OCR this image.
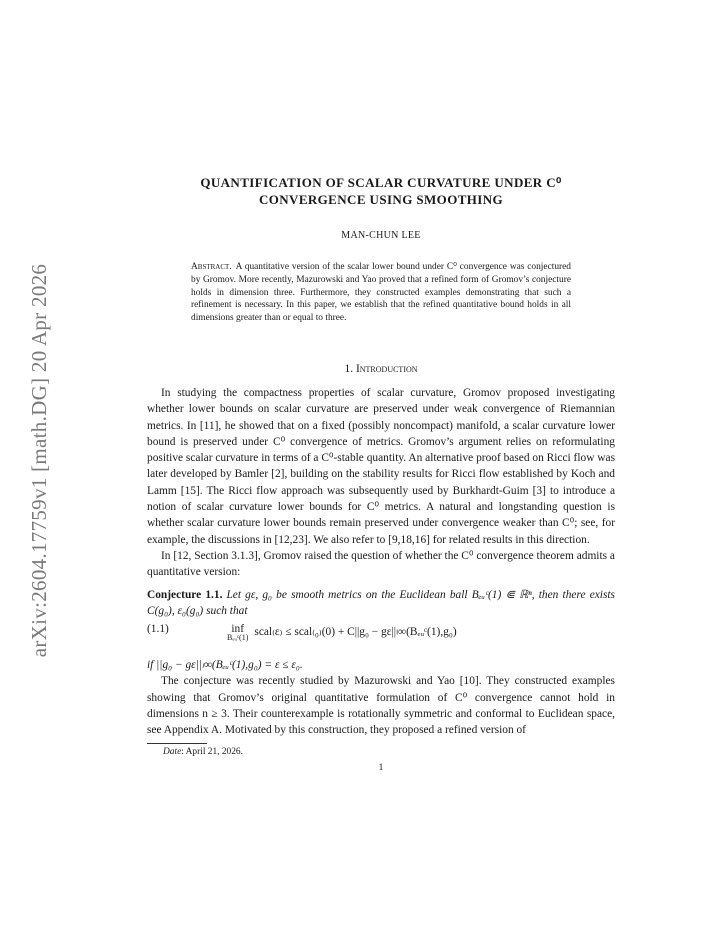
arXiv:2604.17759v1 [math.DG] 20 Apr 2026
QUANTIFICATION OF SCALAR CURVATURE UNDER C⁰
CONVERGENCE USING SMOOTHING
MAN-CHUN LEE
Abstract. A quantitative version of the scalar lower bound under C⁰ convergence was conjectured by Gromov. More recently, Mazurowski and Yao proved that a refined form of Gromov’s conjecture holds in dimension three. Furthermore, they constructed examples demonstrating that such a refinement is necessary. In this paper, we establish that the refined quantitative bound holds in all dimensions greater than or equal to three.
1. Introduction

In studying the compactness properties of scalar curvature, Gromov proposed investigating whether lower bounds on scalar curvature are preserved under weak convergence of Riemannian metrics. In [11], he showed that on a fixed (possibly noncompact) manifold, a scalar curvature lower bound is preserved under C⁰ convergence of metrics. Gromov’s argument relies on reformulating positive scalar curvature in terms of a C⁰-stable quantity. An alternative proof based on Ricci flow was later developed by Bamler [2], building on the stability results for Ricci flow established by Koch and Lamm [15]. The Ricci flow approach was subsequently used by Burkhardt-Guim [3] to introduce a notion of scalar curvature lower bounds for C⁰ metrics. A natural and longstanding question is whether scalar curvature lower bounds remain preserved under convergence weaker than C⁰; see, for example, the discussions in [12,23]. We also refer to [9,18,16] for related results in this direction.

In [12, Section 3.1.3], Gromov raised the question of whether the C⁰ convergence theorem admits a quantitative version:

Conjecture 1.1. Let gε, g₀ be smooth metrics on the Euclidean ball Bₑᵤᶜ(1) ⋐ ℝⁿ, then there exists C(g₀), ε₀(g₀) such that
(1.1)	inf
Bₑᵤᶜ(1) scal₍ε₎ ≤ scal₍₀₎(0) + C||g₀ − gε||ₗ∞(Bₑᵤᶜ(1),g₀)
if ||g₀ − gε||ₗ∞(Bₑᵤᶜ(1),g₀) = ε ≤ ε₀.

The conjecture was recently studied by Mazurowski and Yao [10]. They constructed examples showing that Gromov’s original quantitative formulation of C⁰ convergence cannot hold in dimensions n ≥ 3. Their counterexample is rotationally symmetric and conformal to Euclidean space, see Appendix A. Motivated by this construction, they proposed a refined version of

Date: April 21, 2026.
1
